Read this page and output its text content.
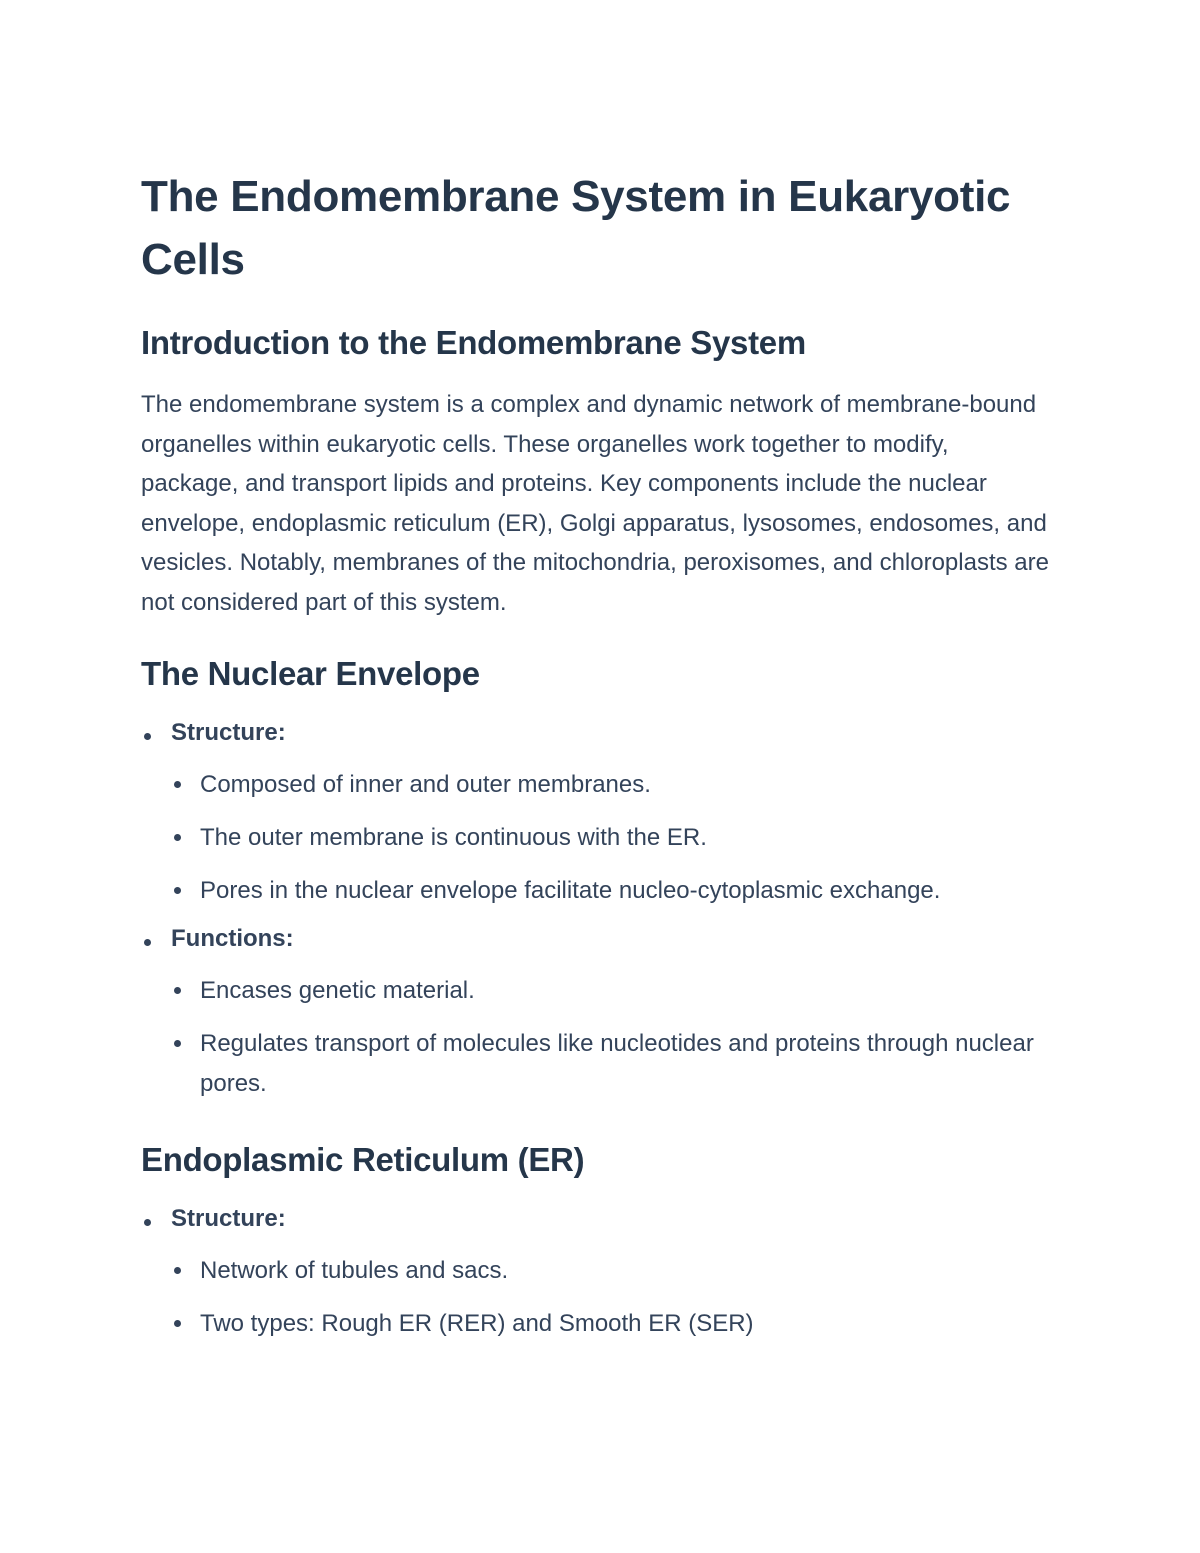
The Endomembrane System in Eukaryotic Cells
Introduction to the Endomembrane System

The endomembrane system is a complex and dynamic network of membrane-bound organelles within eukaryotic cells. These organelles work together to modify, package, and transport lipids and proteins. Key components include the nuclear envelope, endoplasmic reticulum (ER), Golgi apparatus, lysosomes, endosomes, and vesicles. Notably, membranes of the mitochondria, peroxisomes, and chloroplasts are not considered part of this system.

The Nuclear Envelope
Structure:
Composed of inner and outer membranes.
The outer membrane is continuous with the ER.
Pores in the nuclear envelope facilitate nucleo-cytoplasmic exchange.
Functions:
Encases genetic material.
Regulates transport of molecules like nucleotides and proteins through nuclear pores.
Endoplasmic Reticulum (ER)
Structure:
Network of tubules and sacs.
Two types: Rough ER (RER) and Smooth ER (SER)
